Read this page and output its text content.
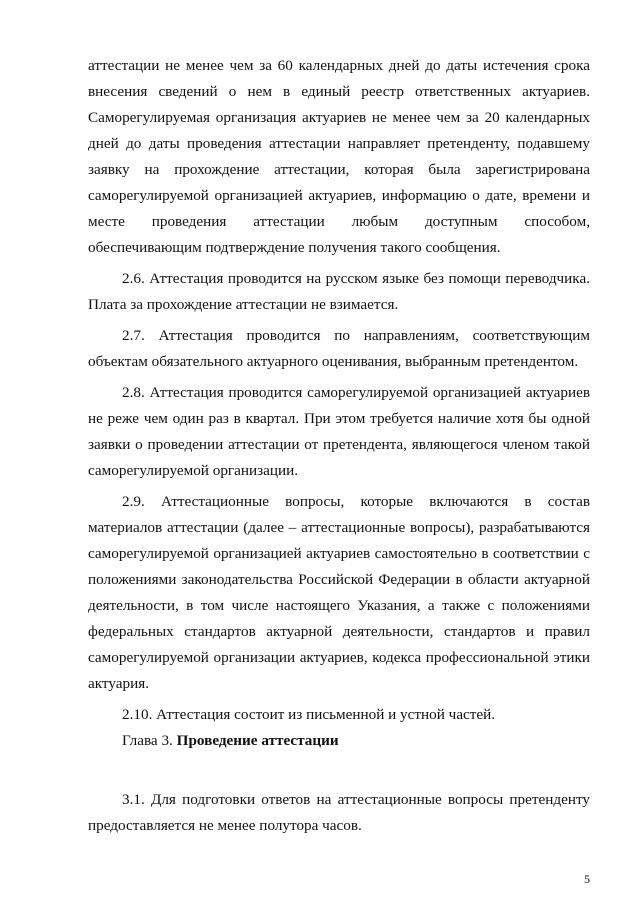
аттестации не менее чем за 60 календарных дней до даты истечения срока внесения сведений о нем в единый реестр ответственных актуариев. Саморегулируемая организация актуариев не менее чем за 20 календарных дней до даты проведения аттестации направляет претенденту, подавшему заявку на прохождение аттестации, которая была зарегистрирована саморегулируемой организацией актуариев, информацию о дате, времени и месте проведения аттестации любым доступным способом, обеспечивающим подтверждение получения такого сообщения.

2.6. Аттестация проводится на русском языке без помощи переводчика. Плата за прохождение аттестации не взимается.

2.7. Аттестация проводится по направлениям, соответствующим объектам обязательного актуарного оценивания, выбранным претендентом.

2.8. Аттестация проводится саморегулируемой организацией актуариев не реже чем один раз в квартал. При этом требуется наличие хотя бы одной заявки о проведении аттестации от претендента, являющегося членом такой саморегулируемой организации.

2.9. Аттестационные вопросы, которые включаются в состав материалов аттестации (далее – аттестационные вопросы), разрабатываются саморегулируемой организацией актуариев самостоятельно в соответствии с положениями законодательства Российской Федерации в области актуарной деятельности, в том числе настоящего Указания, а также с положениями федеральных стандартов актуарной деятельности, стандартов и правил саморегулируемой организации актуариев, кодекса профессиональной этики актуария.

2.10. Аттестация состоит из письменной и устной частей.

Глава 3. Проведение аттестации

3.1. Для подготовки ответов на аттестационные вопросы претенденту предоставляется не менее полутора часов.

5
